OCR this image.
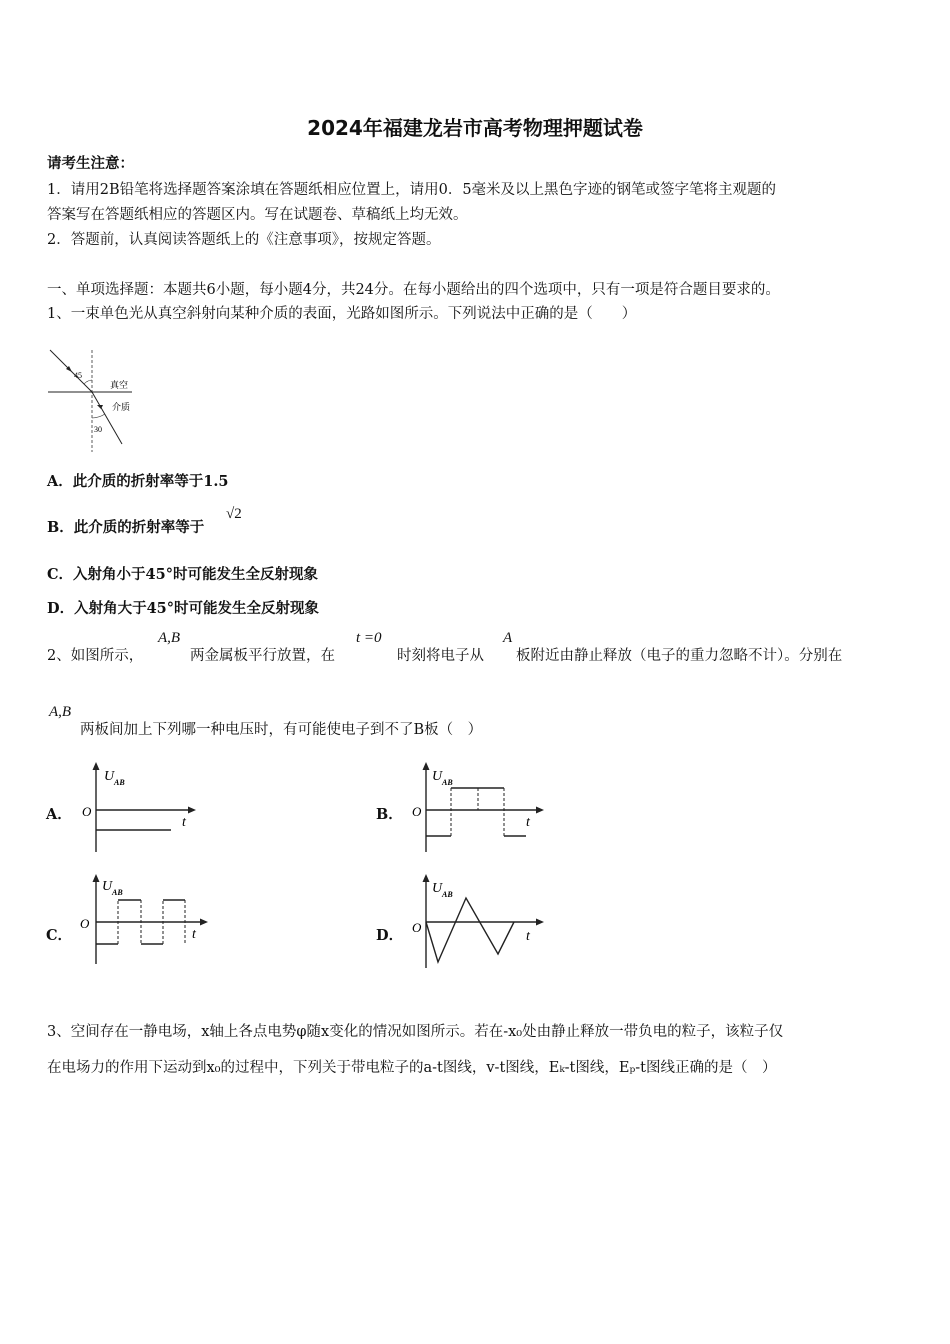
2024年福建龙岩市高考物理押题试卷
请考生注意：
1．请用2B铅笔将选择题答案涂填在答题纸相应位置上，请用0．5毫米及以上黑色字迹的钢笔或签字笔将主观题的
答案写在答题纸相应的答题区内。写在试题卷、草稿纸上均无效。
2．答题前，认真阅读答题纸上的《注意事项》，按规定答题。
一、单项选择题：本题共6小题，每小题4分，共24分。在每小题给出的四个选项中，只有一项是符合题目要求的。
1、一束单色光从真空斜射向某种介质的表面，光路如图所示。下列说法中正确的是（　　）
45
30
真空
介质
A．此介质的折射率等于1.5
B．此介质的折射率等于
√2
C．入射角小于45°时可能发生全反射现象
D．入射角大于45°时可能发生全反射现象
2、如图所示，
A,B
两金属板平行放置，在
t =0
时刻将电子从
A
板附近由静止释放（电子的重力忽略不计）。分别在
A,B
两板间加上下列哪一种电压时，有可能使电子到不了B板（　）
A．	B．
C．	D．
U AB
O
t
U AB
O
t
U AB
O
t
U AB
O
t
3、空间存在一静电场，x轴上各点电势φ随x变化的情况如图所示。若在-x₀处由静止释放一带负电的粒子，该粒子仅
在电场力的作用下运动到x₀的过程中，下列关于带电粒子的a-t图线，v-t图线，Eₖ-t图线，Eₚ-t图线正确的是（　）
